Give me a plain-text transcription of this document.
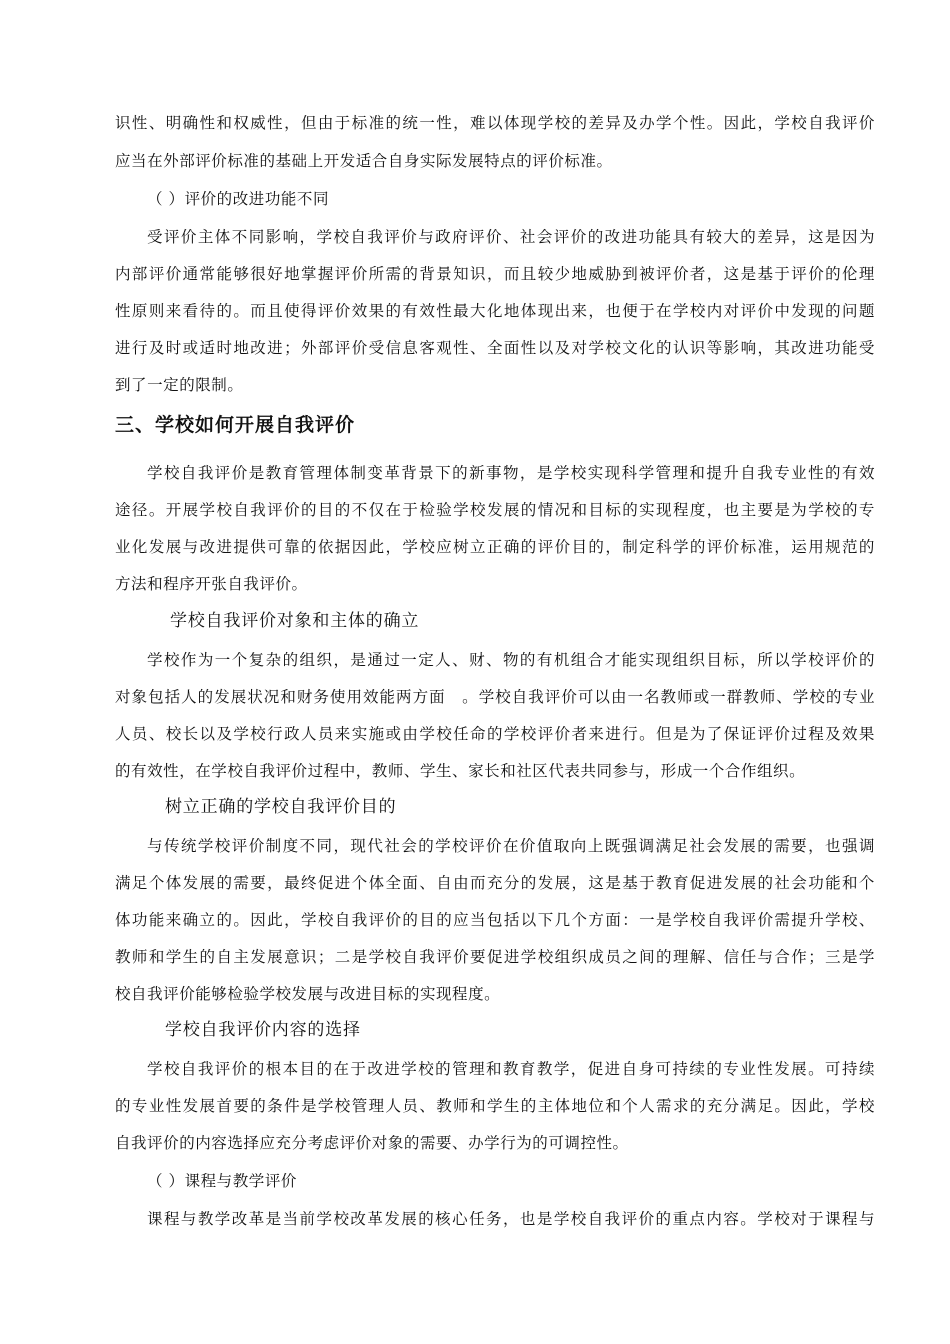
识性、明确性和权威性，但由于标准的统一性，难以体现学校的差异及办学个性。因此，学校自我评价
应当在外部评价标准的基础上开发适合自身实际发展特点的评价标准。
（ ）评价的改进功能不同
受评价主体不同影响，学校自我评价与政府评价、社会评价的改进功能具有较大的差异，这是因为
内部评价通常能够很好地掌握评价所需的背景知识，而且较少地威胁到被评价者，这是基于评价的伦理
性原则来看待的。而且使得评价效果的有效性最大化地体现出来，也便于在学校内对评价中发现的问题
进行及时或适时地改进；外部评价受信息客观性、全面性以及对学校文化的认识等影响，其改进功能受
到了一定的限制。
三、学校如何开展自我评价
学校自我评价是教育管理体制变革背景下的新事物，是学校实现科学管理和提升自我专业性的有效
途径。开展学校自我评价的目的不仅在于检验学校发展的情况和目标的实现程度，也主要是为学校的专
业化发展与改进提供可靠的依据因此，学校应树立正确的评价目的，制定科学的评价标准，运用规范的
方法和程序开张自我评价。
学校自我评价对象和主体的确立
学校作为一个复杂的组织，是通过一定人、财、物的有机组合才能实现组织目标，所以学校评价的
对象包括人的发展状况和财务使用效能两方面　。学校自我评价可以由一名教师或一群教师、学校的专业
人员、校长以及学校行政人员来实施或由学校任命的学校评价者来进行。但是为了保证评价过程及效果
的有效性，在学校自我评价过程中，教师、学生、家长和社区代表共同参与，形成一个合作组织。
树立正确的学校自我评价目的
与传统学校评价制度不同，现代社会的学校评价在价值取向上既强调满足社会发展的需要，也强调
满足个体发展的需要，最终促进个体全面、自由而充分的发展，这是基于教育促进发展的社会功能和个
体功能来确立的。因此，学校自我评价的目的应当包括以下几个方面：一是学校自我评价需提升学校、
教师和学生的自主发展意识；二是学校自我评价要促进学校组织成员之间的理解、信任与合作；三是学
校自我评价能够检验学校发展与改进目标的实现程度。
学校自我评价内容的选择
学校自我评价的根本目的在于改进学校的管理和教育教学，促进自身可持续的专业性发展。可持续
的专业性发展首要的条件是学校管理人员、教师和学生的主体地位和个人需求的充分满足。因此，学校
自我评价的内容选择应充分考虑评价对象的需要、办学行为的可调控性。
（ ）课程与教学评价
课程与教学改革是当前学校改革发展的核心任务，也是学校自我评价的重点内容。学校对于课程与
